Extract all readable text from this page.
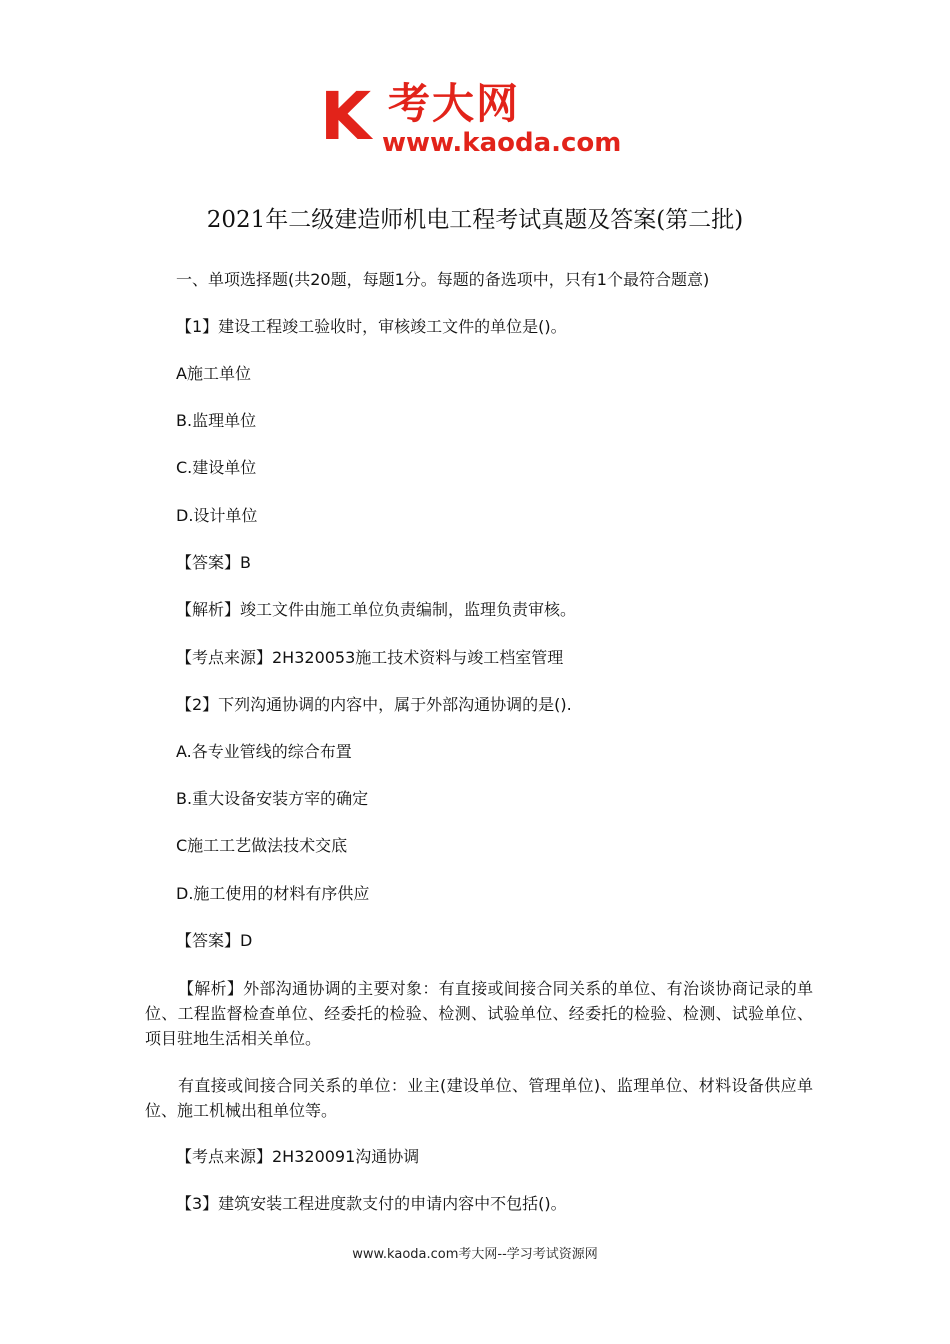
K 考大网
www.kaoda.com
2021年二级建造师机电工程考试真题及答案(第二批)
一、单项选择题(共20题，每题1分。每题的备选项中，只有1个最符合题意)
【1】建设工程竣工验收时，审核竣工文件的单位是()。
A施工单位
B.监理单位
C.建设单位
D.设计单位
【答案】B
【解析】竣工文件由施工单位负责编制，监理负责审核。
【考点来源】2H320053施工技术资料与竣工档室管理
【2】下列沟通协调的内容中，属于外部沟通协调的是().
A.各专业管线的综合布置
B.重大设备安装方宰的确定
C施工工艺做法技术交底
D.施工使用的材料有序供应
【答案】D
【解析】外部沟通协调的主要对象：有直接或间接合同关系的单位、有治谈协商记录的单位、工程监督检查单位、经委托的检验、检测、试验单位、经委托的检验、检测、试验单位、项目驻地生活相关单位。
有直接或间接合同关系的单位：业主(建设单位、管理单位)、监理单位、材料设备供应单位、施工机械出租单位等。
【考点来源】2H320091沟通协调
【3】建筑安装工程进度款支付的申请内容中不包括()。
www.kaoda.com考大网--学习考试资源网
